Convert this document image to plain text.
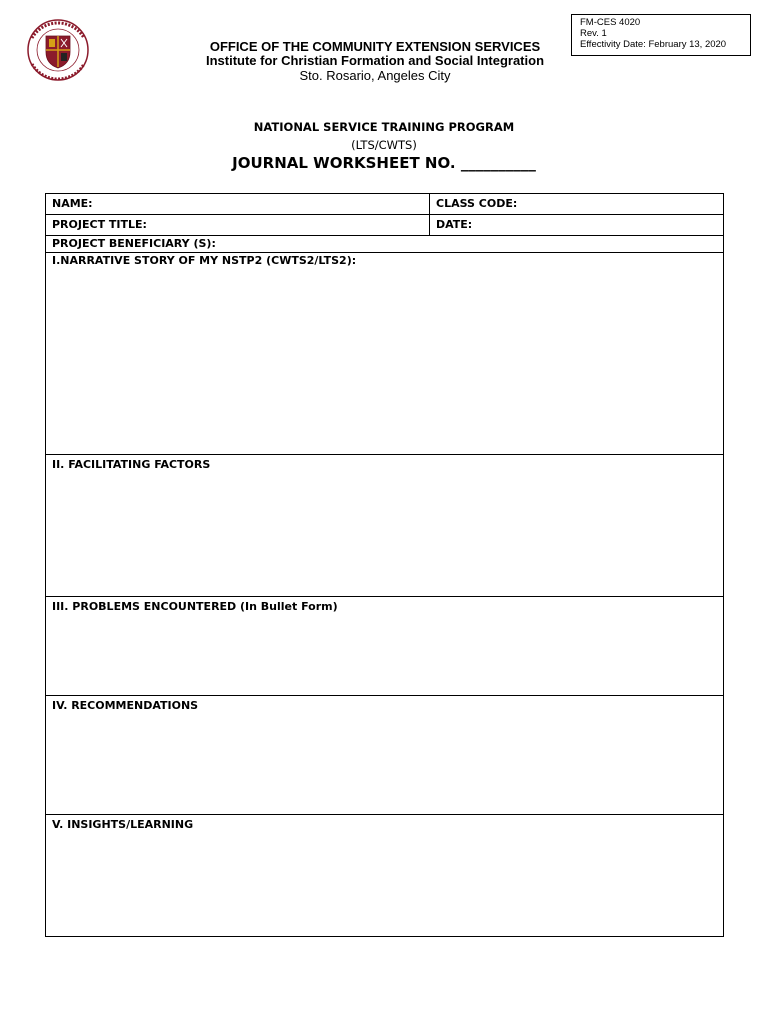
OFFICE OF THE COMMUNITY EXTENSION SERVICES
Institute for Christian Formation and Social Integration
Sto. Rosario, Angeles City
FM-CES 4020
Rev. 1
Effectivity Date: February 13, 2020
NATIONAL SERVICE TRAINING PROGRAM
(LTS/CWTS)
JOURNAL WORKSHEET NO. __________
NAME:	CLASS CODE:
PROJECT TITLE:	DATE:
PROJECT BENEFICIARY (S):
I.NARRATIVE STORY OF MY NSTP2 (CWTS2/LTS2):
II. FACILITATING FACTORS
III. PROBLEMS ENCOUNTERED (In Bullet Form)
IV. RECOMMENDATIONS
V. INSIGHTS/LEARNING
